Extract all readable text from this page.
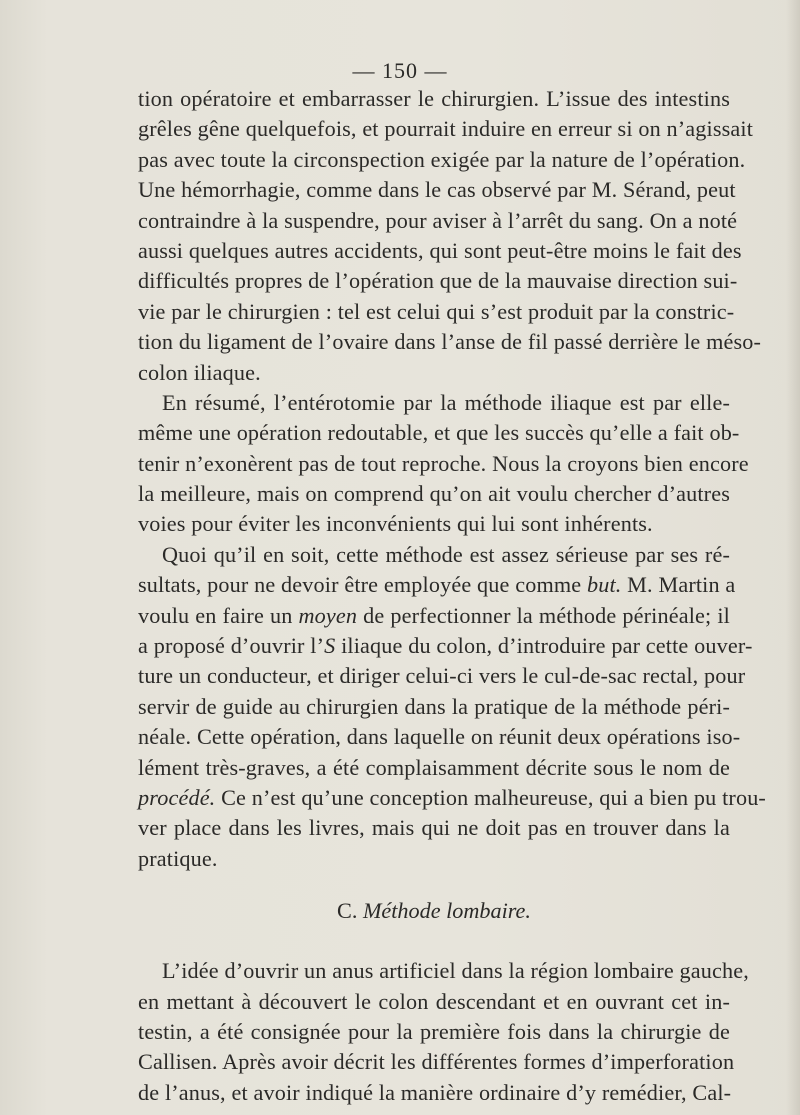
— 150 —
tion opératoire et embarrasser le chirurgien. L’issue des intestins
grêles gêne quelquefois, et pourrait induire en erreur si on n’agissait
pas avec toute la circonspection exigée par la nature de l’opération.
Une hémorrhagie, comme dans le cas observé par M. Sérand, peut
contraindre à la suspendre, pour aviser à l’arrêt du sang. On a noté
aussi quelques autres accidents, qui sont peut-être moins le fait des
difficultés propres de l’opération que de la mauvaise direction sui-
vie par le chirurgien : tel est celui qui s’est produit par la constric-
tion du ligament de l’ovaire dans l’anse de fil passé derrière le méso-
colon iliaque.
En résumé, l’entérotomie par la méthode iliaque est par elle-
même une opération redoutable, et que les succès qu’elle a fait ob-
tenir n’exonèrent pas de tout reproche. Nous la croyons bien encore
la meilleure, mais on comprend qu’on ait voulu chercher d’autres
voies pour éviter les inconvénients qui lui sont inhérents.
Quoi qu’il en soit, cette méthode est assez sérieuse par ses ré-
sultats, pour ne devoir être employée que comme but. M. Martin a
voulu en faire un moyen de perfectionner la méthode périnéale; il
a proposé d’ouvrir l’S iliaque du colon, d’introduire par cette ouver-
ture un conducteur, et diriger celui-ci vers le cul-de-sac rectal, pour
servir de guide au chirurgien dans la pratique de la méthode péri-
néale. Cette opération, dans laquelle on réunit deux opérations iso-
lément très-graves, a été complaisamment décrite sous le nom de
procédé. Ce n’est qu’une conception malheureuse, qui a bien pu trou-
ver place dans les livres, mais qui ne doit pas en trouver dans la
pratique.
C. Méthode lombaire.
L’idée d’ouvrir un anus artificiel dans la région lombaire gauche,
en mettant à découvert le colon descendant et en ouvrant cet in-
testin, a été consignée pour la première fois dans la chirurgie de
Callisen. Après avoir décrit les différentes formes d’imperforation
de l’anus, et avoir indiqué la manière ordinaire d’y remédier, Cal-
